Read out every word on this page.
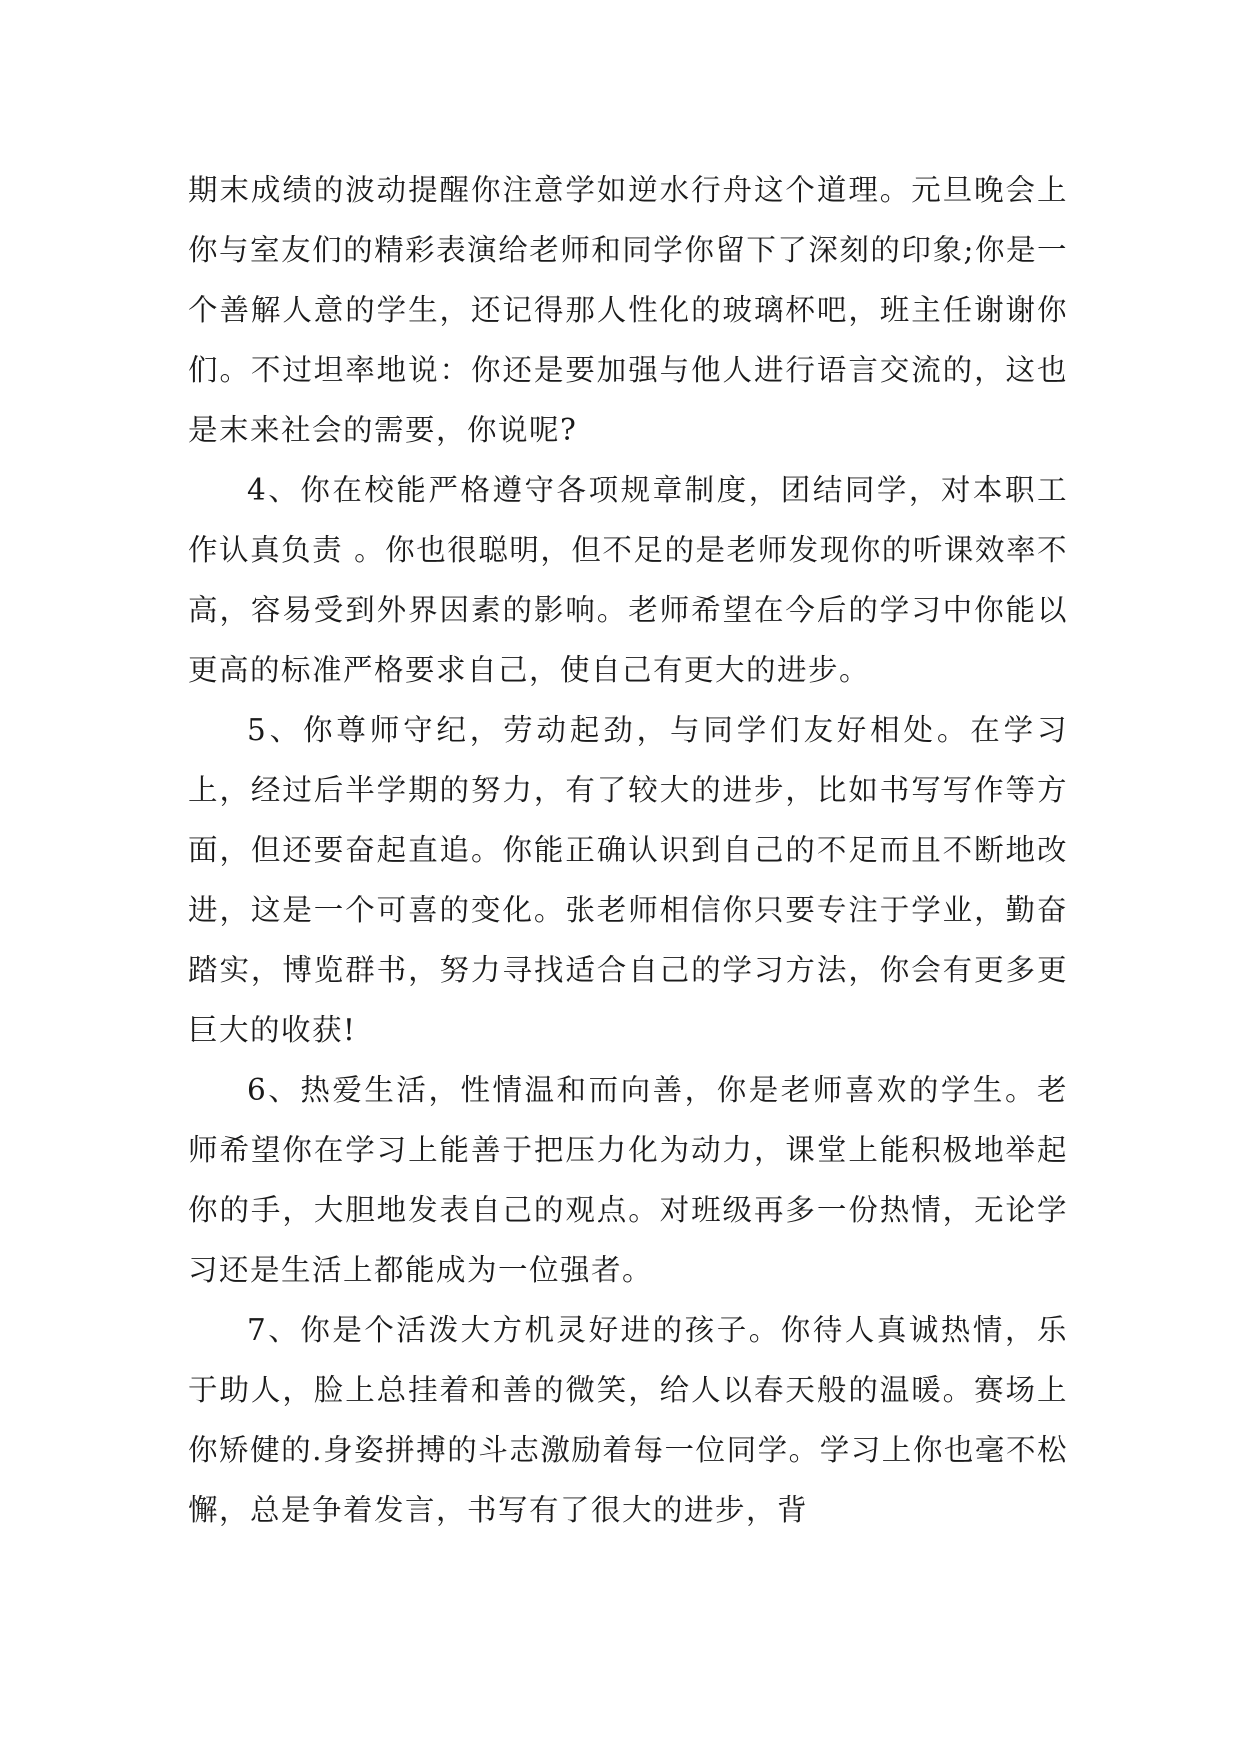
期末成绩的波动提醒你注意学如逆水行舟这个道理。元旦晚会上你与室友们的精彩表演给老师和同学你留下了深刻的印象;你是一个善解人意的学生，还记得那人性化的玻璃杯吧，班主任谢谢你们。不过坦率地说：你还是要加强与他人进行语言交流的，这也是末来社会的需要，你说呢?

4、你在校能严格遵守各项规章制度，团结同学，对本职工作认真负责 。你也很聪明，但不足的是老师发现你的听课效率不高，容易受到外界因素的影响。老师希望在今后的学习中你能以更高的标准严格要求自己，使自己有更大的进步。

5、你尊师守纪，劳动起劲，与同学们友好相处。在学习上，经过后半学期的努力，有了较大的进步，比如书写写作等方面，但还要奋起直追。你能正确认识到自己的不足而且不断地改进，这是一个可喜的变化。张老师相信你只要专注于学业，勤奋踏实，博览群书，努力寻找适合自己的学习方法，你会有更多更巨大的收获!

6、热爱生活，性情温和而向善，你是老师喜欢的学生。老师希望你在学习上能善于把压力化为动力，课堂上能积极地举起你的手，大胆地发表自己的观点。对班级再多一份热情，无论学习还是生活上都能成为一位强者。

7、你是个活泼大方机灵好进的孩子。你待人真诚热情，乐于助人，脸上总挂着和善的微笑，给人以春天般的温暖。赛场上你矫健的.身姿拼搏的斗志激励着每一位同学。学习上你也毫不松懈，总是争着发言，书写有了很大的进步，背
